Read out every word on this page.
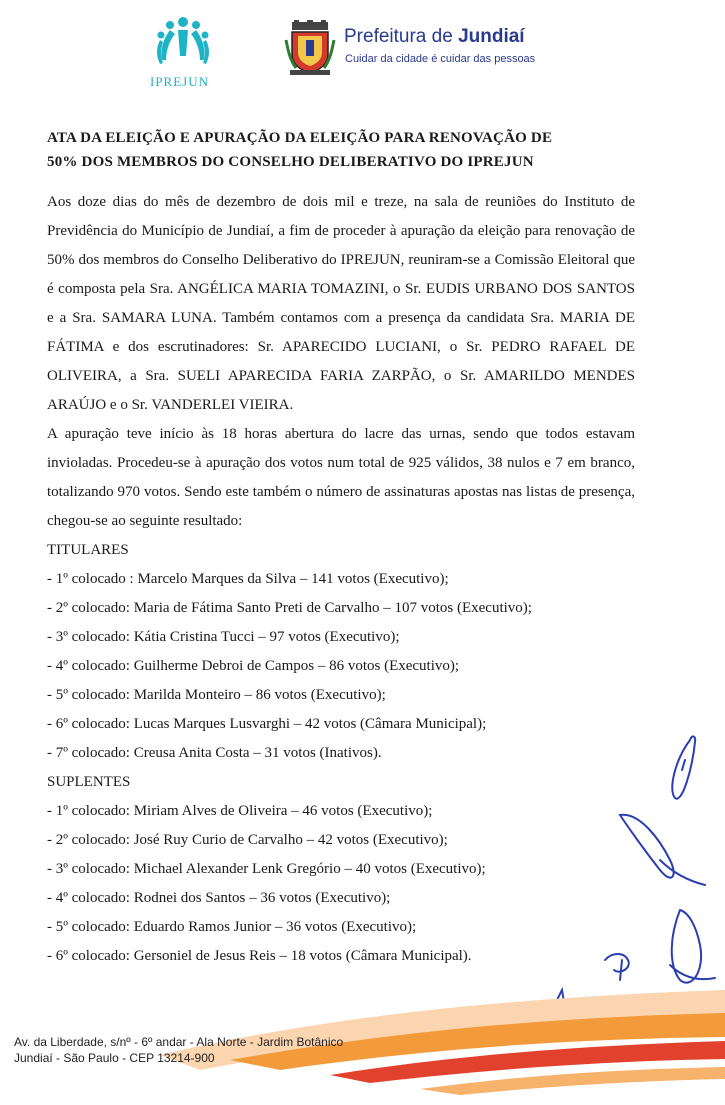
IPREJUN
Prefeitura de Jundiaí
Cuidar da cidade é cuidar das pessoas
ATA DA ELEIÇÃO E APURAÇÃO DA ELEIÇÃO PARA RENOVAÇÃO DE
50% DOS MEMBROS DO CONSELHO DELIBERATIVO DO IPREJUN

Aos doze dias do mês de dezembro de dois mil e treze, na sala de reuniões do Instituto de Previdência do Município de Jundiaí, a fim de proceder à apuração da eleição para renovação de 50% dos membros do Conselho Deliberativo do IPREJUN, reuniram-se a Comissão Eleitoral que é composta pela Sra. ANGÉLICA MARIA TOMAZINI, o Sr. EUDIS URBANO DOS SANTOS e a Sra. SAMARA LUNA. Também contamos com a presença da candidata Sra. MARIA DE FÁTIMA e dos escrutinadores: Sr. APARECIDO LUCIANI, o Sr. PEDRO RAFAEL DE OLIVEIRA, a Sra. SUELI APARECIDA FARIA ZARPÃO, o Sr. AMARILDO MENDES ARAÚJO e o Sr. VANDERLEI VIEIRA.

A apuração teve início às 18 horas abertura do lacre das urnas, sendo que todos estavam invioladas. Procedeu-se à apuração dos votos num total de 925 válidos, 38 nulos e 7 em branco, totalizando 970 votos. Sendo este também o número de assinaturas apostas nas listas de presença, chegou-se ao seguinte resultado:

TITULARES
- 1º colocado : Marcelo Marques da Silva – 141 votos (Executivo);
- 2º colocado: Maria de Fátima Santo Preti de Carvalho – 107 votos (Executivo);
- 3º colocado: Kátia Cristina Tucci – 97 votos (Executivo);
- 4º colocado: Guilherme Debroi de Campos – 86 votos (Executivo);
- 5º colocado: Marilda Monteiro – 86 votos (Executivo);
- 6º colocado: Lucas Marques Lusvarghi – 42 votos (Câmara Municipal);
- 7º colocado: Creusa Anita Costa – 31 votos (Inativos).
SUPLENTES
- 1º colocado: Miriam Alves de Oliveira – 46 votos (Executivo);
- 2º colocado: José Ruy Curio de Carvalho – 42 votos (Executivo);
- 3º colocado: Michael Alexander Lenk Gregório – 40 votos (Executivo);
- 4º colocado: Rodnei dos Santos – 36 votos (Executivo);
- 5º colocado: Eduardo Ramos Junior – 36 votos (Executivo);
- 6º colocado: Gersoniel de Jesus Reis – 18 votos (Câmara Municipal).
Av. da Liberdade, s/nº - 6º andar - Ala Norte - Jardim Botânico
Jundiaí - São Paulo - CEP 13214-900
